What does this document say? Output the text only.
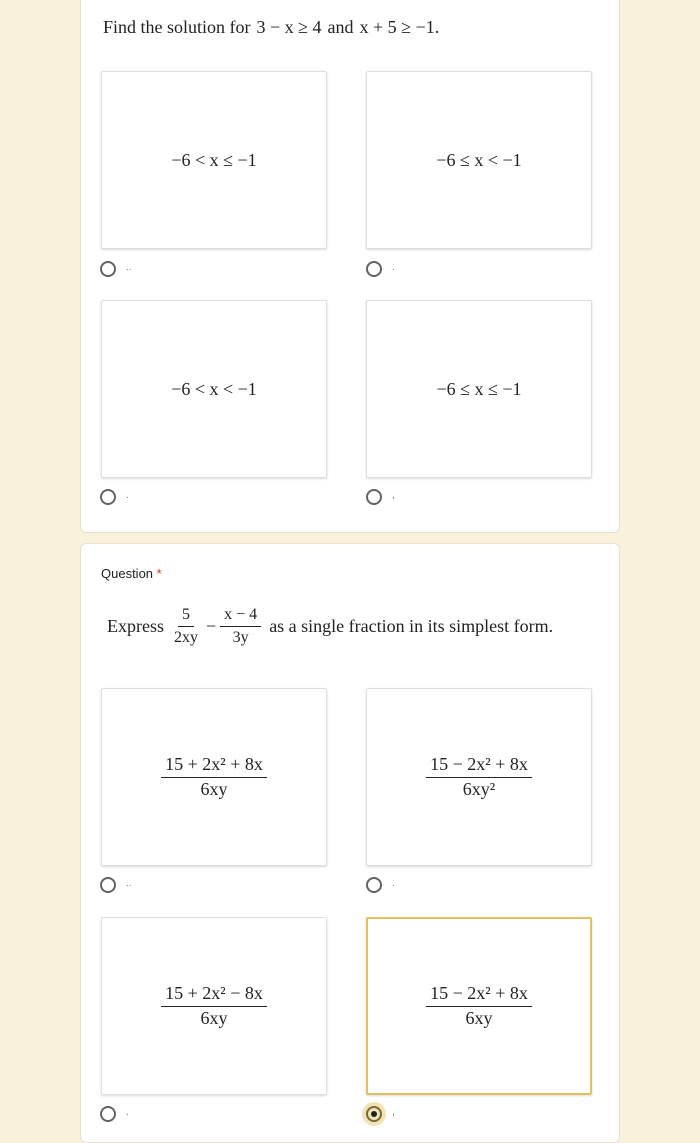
Find the solution for 3 − x ≥ 4 and x + 5 ≥ −1.
−6 < x ≤ −1
..
−6 ≤ x < −1
.
−6 < x < −1
.
−6 ≤ x ≤ −1
,
Question *
Express $\frac{5}{2xy} - \frac{x - 4}{3y}$ as a single fraction in its simplest form.
$\frac{\text{15 + 2x² + 8x}}{6xy}$
..
$\frac{\text{15 − 2x² + 8x}}{\text{6xy²}}$
.
$\frac{\text{15 + 2x² − 8x}}{6xy}$
.
$\frac{\text{15 − 2x² + 8x}}{6xy}$
,
